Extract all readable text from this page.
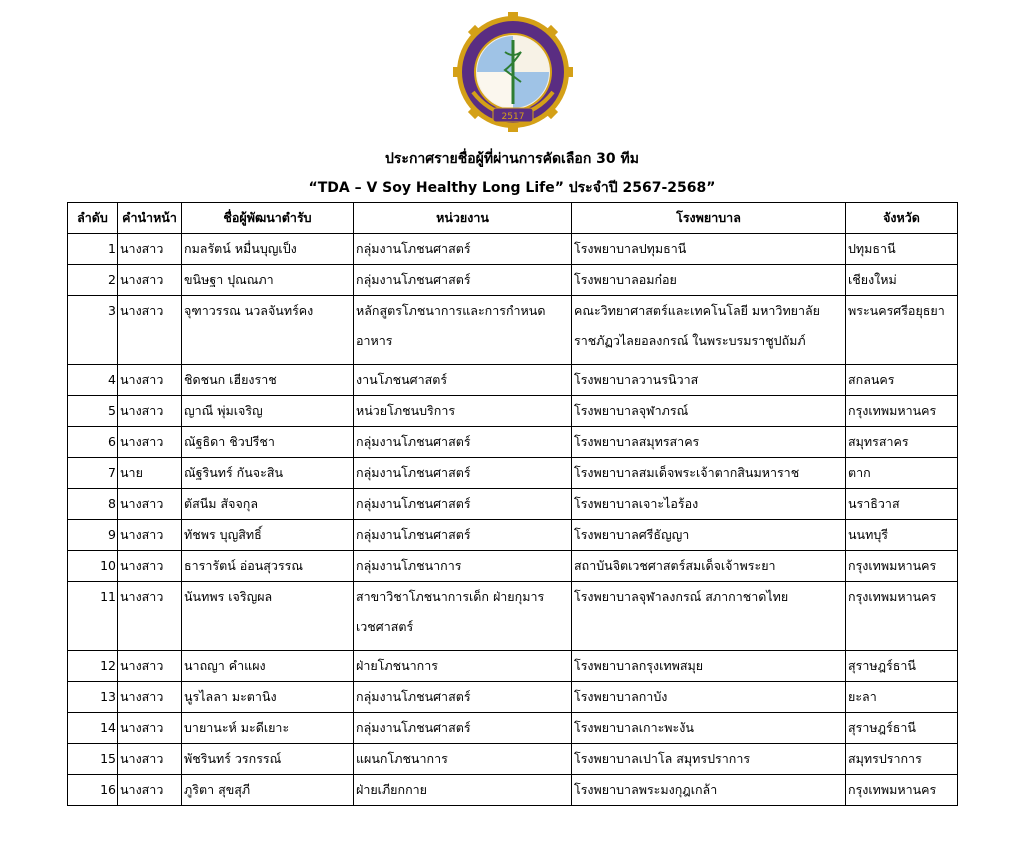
2517
ประกาศรายชื่อผู้ที่ผ่านการคัดเลือก 30 ทีม
“TDA – V Soy Healthy Long Life” ประจำปี 2567-2568”
ลำดับ	คำนำหน้า	ชื่อผู้พัฒนาตำรับ	หน่วยงาน	โรงพยาบาล	จังหวัด
1	นางสาว	กมลรัตน์ หมื่นบุญเป็ง	กลุ่มงานโภชนศาสตร์	โรงพยาบาลปทุมธานี	ปทุมธานี
2	นางสาว	ขนิษฐา ปุณณภา	กลุ่มงานโภชนศาสตร์	โรงพยาบาลอมก๋อย	เชียงใหม่
3	นางสาว	จุฑาวรรณ นวลจันทร์คง	หลักสูตรโภชนาการและการกำหนดอาหาร	คณะวิทยาศาสตร์และเทคโนโลยี มหาวิทยาลัยราชภัฏวไลยอลงกรณ์ ในพระบรมราชูปถัมภ์	พระนครศรีอยุธยา
4	นางสาว	ชิดชนก เฮียงราช	งานโภชนศาสตร์	โรงพยาบาลวานรนิวาส	สกลนคร
5	นางสาว	ญาณี พุ่มเจริญ	หน่วยโภชนบริการ	โรงพยาบาลจุฬาภรณ์	กรุงเทพมหานคร
6	นางสาว	ณัฐธิดา ชิวปรีชา	กลุ่มงานโภชนศาสตร์	โรงพยาบาลสมุทรสาคร	สมุทรสาคร
7	นาย	ณัฐรินทร์ กันจะสิน	กลุ่มงานโภชนศาสตร์	โรงพยาบาลสมเด็จพระเจ้าตากสินมหาราช	ตาก
8	นางสาว	ตัสนีม สัจจกุล	กลุ่มงานโภชนศาสตร์	โรงพยาบาลเจาะไอร้อง	นราธิวาส
9	นางสาว	ทัชพร บุญสิทธิ์	กลุ่มงานโภชนศาสตร์	โรงพยาบาลศรีธัญญา	นนทบุรี
10	นางสาว	ธารารัตน์ อ่อนสุวรรณ	กลุ่มงานโภชนาการ	สถาบันจิตเวชศาสตร์สมเด็จเจ้าพระยา	กรุงเทพมหานคร
11	นางสาว	นันทพร เจริญผล	สาขาวิชาโภชนาการเด็ก ฝ่ายกุมารเวชศาสตร์	โรงพยาบาลจุฬาลงกรณ์ สภากาชาดไทย	กรุงเทพมหานคร
12	นางสาว	นาถญา คำแผง	ฝ่ายโภชนาการ	โรงพยาบาลกรุงเทพสมุย	สุราษฎร์ธานี
13	นางสาว	นูรไลลา มะตานิง	กลุ่มงานโภชนศาสตร์	โรงพยาบาลกาบัง	ยะลา
14	นางสาว	บายานะห์ มะดีเยาะ	กลุ่มงานโภชนศาสตร์	โรงพยาบาลเกาะพะงัน	สุราษฎร์ธานี
15	นางสาว	พัชรินทร์ วรกรรณ์	แผนกโภชนาการ	โรงพยาบาลเปาโล สมุทรปราการ	สมุทรปราการ
16	นางสาว	ภูริตา สุขสุภี	ฝ่ายเภียกกาย	โรงพยาบาลพระมงกุฎเกล้า	กรุงเทพมหานคร
